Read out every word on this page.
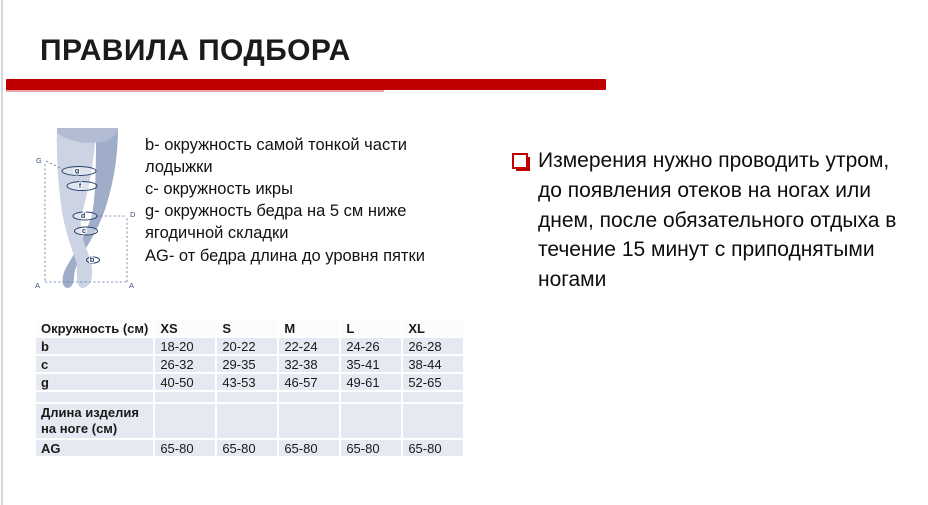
ПРАВИЛА ПОДБОРА
g
f
d
c
b
G
D
A	A
b- окружность самой тонкой части лодыжки
c- окружность икры
g- окружность бедра на 5 см ниже ягодичной складки
AG- от бедра длина до уровня пятки
Измерения нужно проводить утром, до появления отеков на ногах или днем, после обязательного отдыха в течение 15 минут с приподнятыми ногами
Окружность (см)	XS	S	M	L	XL
b	18-20	20-22	22-24	24-26	26-28
c	26-32	29-35	32-38	35-41	38-44
g	40-50	43-53	46-57	49-61	52-65

Длина изделия на ноге (см)					
AG	65-80	65-80	65-80	65-80	65-80
